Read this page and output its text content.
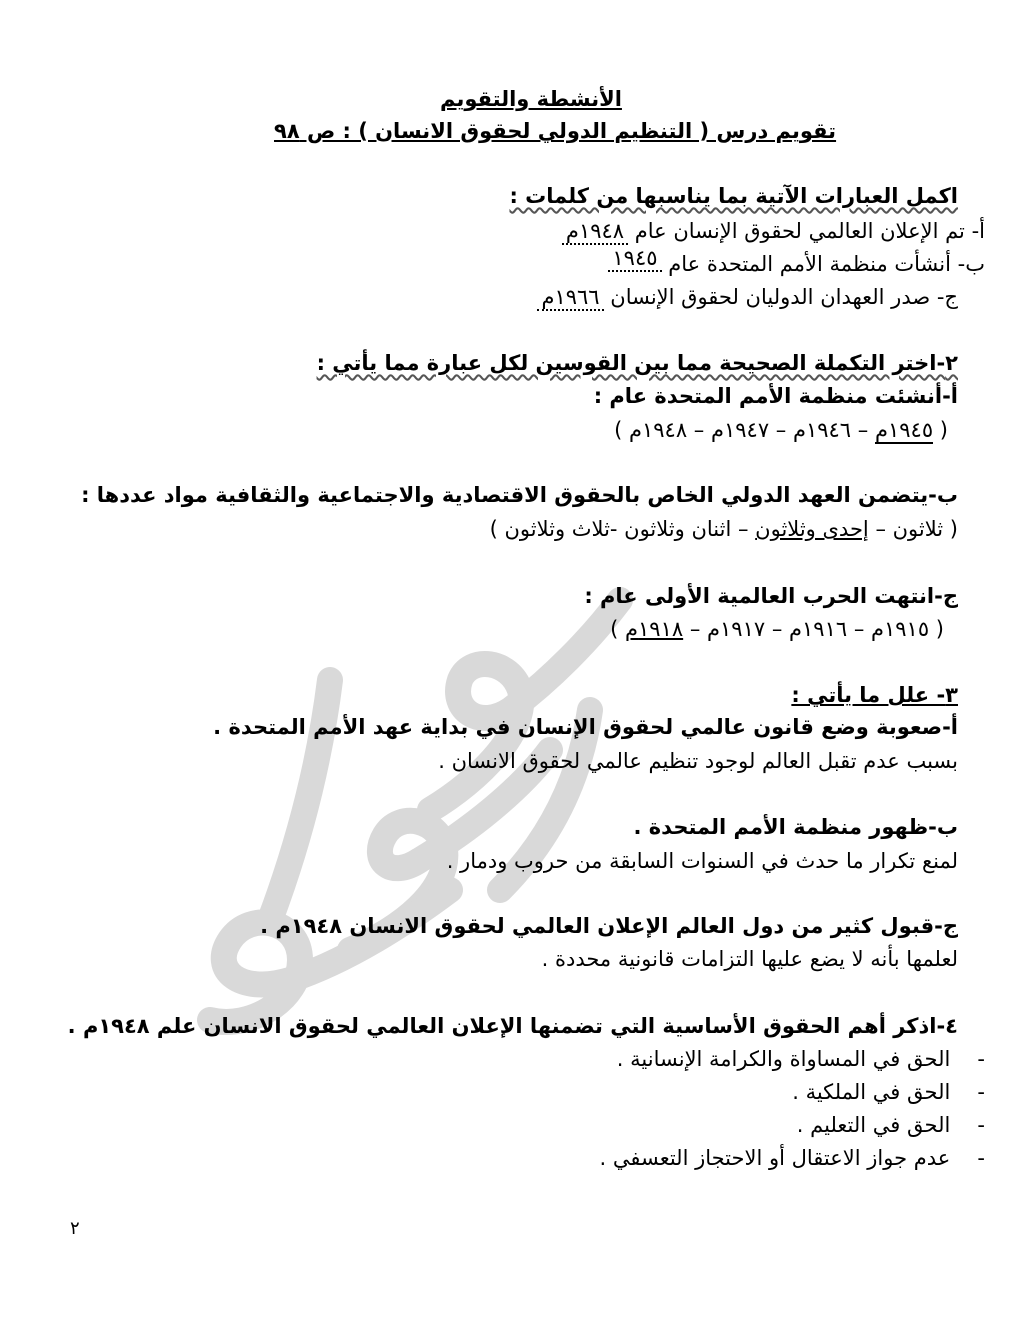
الأنشطة والتقويم
تقويم درس ( التنظيم الدولي لحقوق الانسان ) : ص ٩٨
اكمل العبارات الآتية بما يناسبها من كلمات :
أ- تم الإعلان العالمي لحقوق الإنسان عام ١٩٤٨م
ب- أنشأت منظمة الأمم المتحدة عام ١٩٤٥
ج- صدر العهدان الدوليان لحقوق الإنسان ١٩٦٦م
٢-اختر التكملة الصحيحة مما بين القوسين لكل عبارة مما يأتي :
أ-أنشئت منظمة الأمم المتحدة عام :
( ١٩٤٥م – ١٩٤٦م – ١٩٤٧م – ١٩٤٨م )
ب-يتضمن العهد الدولي الخاص بالحقوق الاقتصادية والاجتماعية والثقافية مواد عددها :
( ثلاثون – إحدى وثلاثون – اثنان وثلاثون -ثلاث وثلاثون )
ج-انتهت الحرب العالمية الأولى عام :
( ١٩١٥م – ١٩١٦م – ١٩١٧م – ١٩١٨م )
٣- علل ما يأتي :
أ-صعوبة وضع قانون عالمي لحقوق الإنسان في بداية عهد الأمم المتحدة .
بسبب عدم تقبل العالم لوجود تنظيم عالمي لحقوق الانسان .
ب-ظهور منظمة الأمم المتحدة .
لمنع تكرار ما حدث في السنوات السابقة من حروب ودمار .
ج-قبول كثير من دول العالم الإعلان العالمي لحقوق الانسان ١٩٤٨م .
لعلمها بأنه لا يضع عليها التزامات قانونية محددة .
٤-اذكر أهم الحقوق الأساسية التي تضمنها الإعلان العالمي لحقوق الانسان علم ١٩٤٨م .
- الحق في المساواة والكرامة الإنسانية .
- الحق في الملكية .
- الحق في التعليم .
- عدم جواز الاعتقال أو الاحتجاز التعسفي .
٢
